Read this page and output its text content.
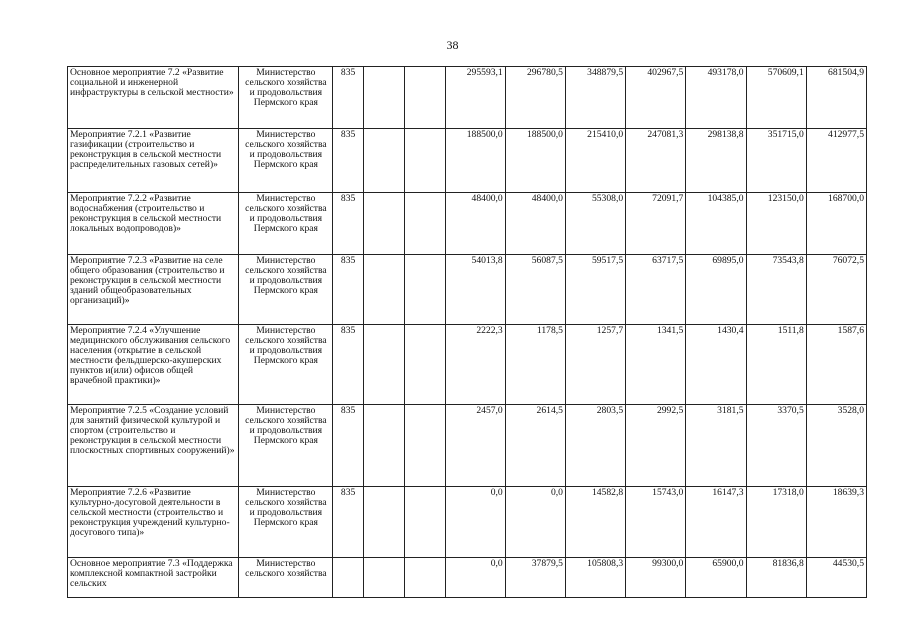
38
Основное мероприятие 7.2 «Развитие социальной и инженерной инфраструктуры в сельской местности»	Министерство сельского хозяйства и продовольствия Пермского края	835			295593,1	296780,5	348879,5	402967,5	493178,0	570609,1	681504,9
Мероприятие 7.2.1 «Развитие газификации (строительство и реконструкция в сельской местности распределительных газовых сетей)»	Министерство сельского хозяйства и продовольствия Пермского края	835			188500,0	188500,0	215410,0	247081,3	298138,8	351715,0	412977,5
Мероприятие 7.2.2 «Развитие водоснабжения (строительство и реконструкция в сельской местности локальных водопроводов)»	Министерство сельского хозяйства и продовольствия Пермского края	835			48400,0	48400,0	55308,0	72091,7	104385,0	123150,0	168700,0
Мероприятие 7.2.3 «Развитие на селе общего образования (строительство и реконструкция в сельской местности зданий общеобразовательных организаций)»	Министерство сельского хозяйства и продовольствия Пермского края	835			54013,8	56087,5	59517,5	63717,5	69895,0	73543,8	76072,5
Мероприятие 7.2.4 «Улучшение медицинского обслуживания сельского населения (открытие в сельской местности фельдшерско-акушерских пунктов и(или) офисов общей врачебной практики)»	Министерство сельского хозяйства и продовольствия Пермского края	835			2222,3	1178,5	1257,7	1341,5	1430,4	1511,8	1587,6
Мероприятие 7.2.5 «Создание условий для занятий физической культурой и спортом (строительство и реконструкция в сельской местности плоскостных спортивных сооружений)»	Министерство сельского хозяйства и продовольствия Пермского края	835			2457,0	2614,5	2803,5	2992,5	3181,5	3370,5	3528,0
Мероприятие 7.2.6 «Развитие культурно-досуговой деятельности в сельской местности (строительство и реконструкция учреждений культурно-досугового типа)»	Министерство сельского хозяйства и продовольствия Пермского края	835			0,0	0,0	14582,8	15743,0	16147,3	17318,0	18639,3
Основное мероприятие 7.3 «Поддержка комплексной компактной застройки сельских	Министерство сельского хозяйства				0,0	37879,5	105808,3	99300,0	65900,0	81836,8	44530,5
